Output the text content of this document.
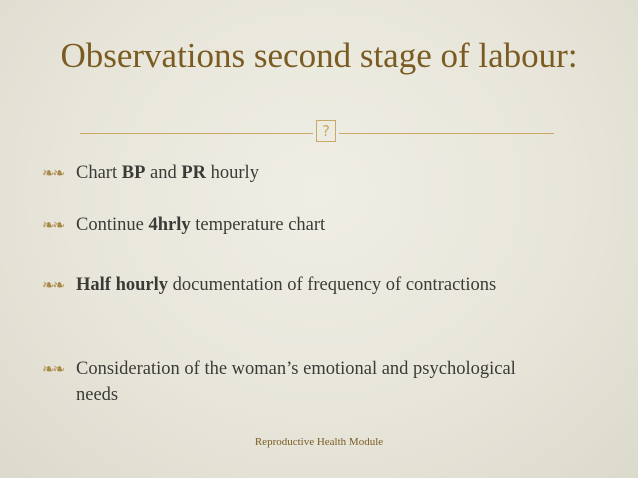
Observations second stage of labour:
?
❧❧ Chart BP and PR hourly
❧❧ Continue 4hrly temperature chart
❧❧ Half hourly documentation of frequency of contractions
❧❧ Consideration of the woman’s emotional and psychological needs
Reproductive Health Module
